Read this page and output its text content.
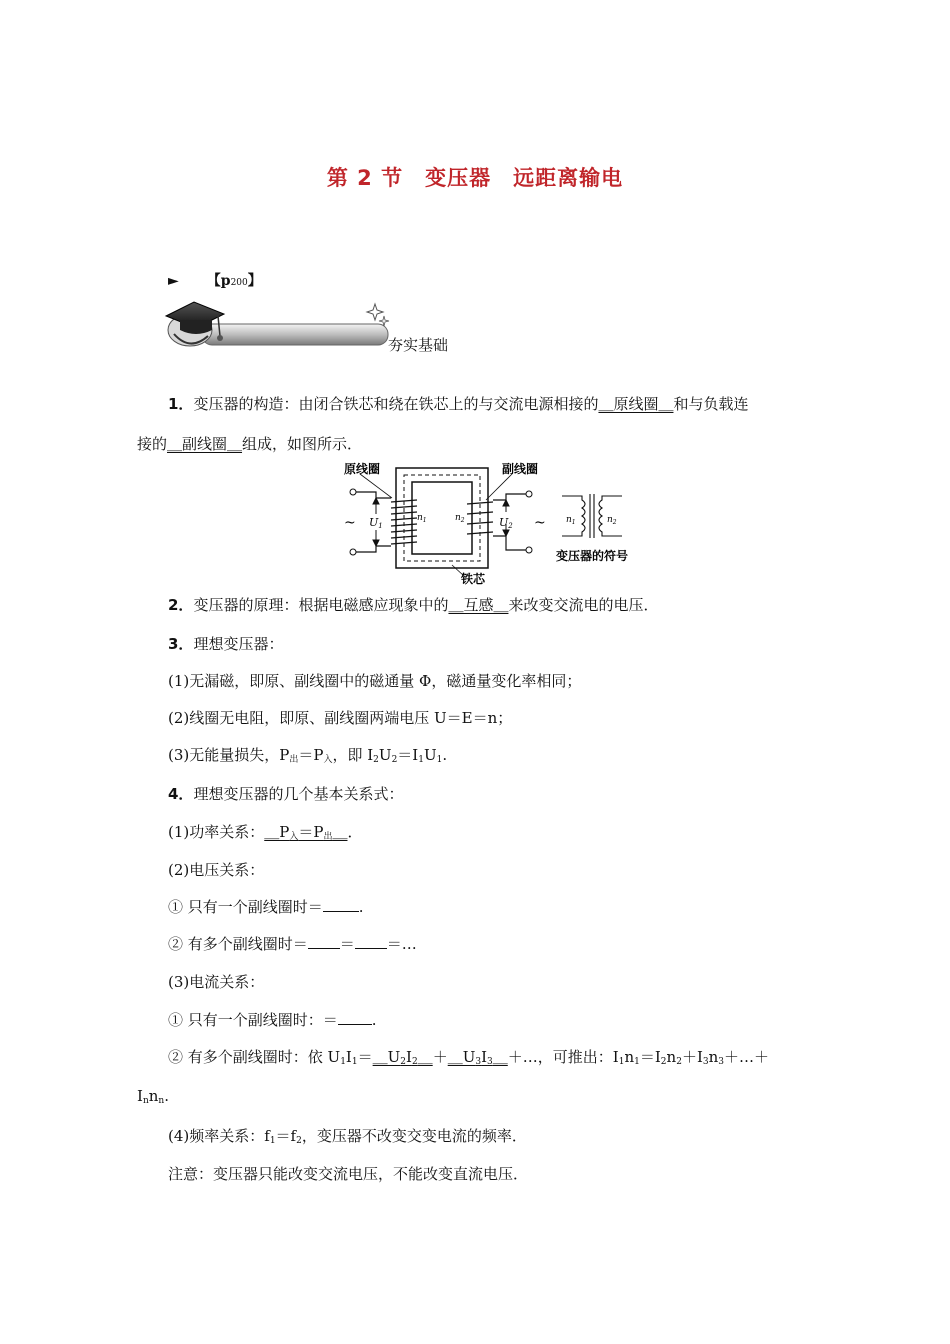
第 2 节　变压器　远距离输电
► 【p200】
夯实基础
1．变压器的构造：由闭合铁芯和绕在铁芯上的与交流电源相接的＿原线圈＿和与负载连
接的＿副线圈＿组成，如图所示．
原线圈	副线圈
铁芯
~	~
U1	U2
$n_1$	$n_2$	$n_1$	$n_2$
变压器的符号
2．变压器的原理：根据电磁感应现象中的＿互感＿来改变交流电的电压．
3．理想变压器：
(1)无漏磁，即原、副线圈中的磁通量 Φ，磁通量变化率相同；
(2)线圈无电阻，即原、副线圈两端电压 U＝E＝n；
(3)无能量损失，$P_出=P_入$，即 $I_2U_2=I_1U_1$.
4．理想变压器的几个基本关系式：
(1)功率关系：$\_P_入=P_出\_$．
(2)电压关系：
① 只有一个副线圈时＝ .
② 有多个副线圈时＝ ＝ ＝…
(3)电流关系：
① 只有一个副线圈时：＝ .
② 有多个副线圈时：依 $U_1I_1=\_U_2I_2\_+\_U_3I_3\_+\dots$，可推出：$I_1n_1=I_2n_2+I_3n_3+\dots+$
$I_nn_n$.
(4)频率关系：$f_1=f_2$，变压器不改变交变电流的频率．
注意：变压器只能改变交流电压，不能改变直流电压．
